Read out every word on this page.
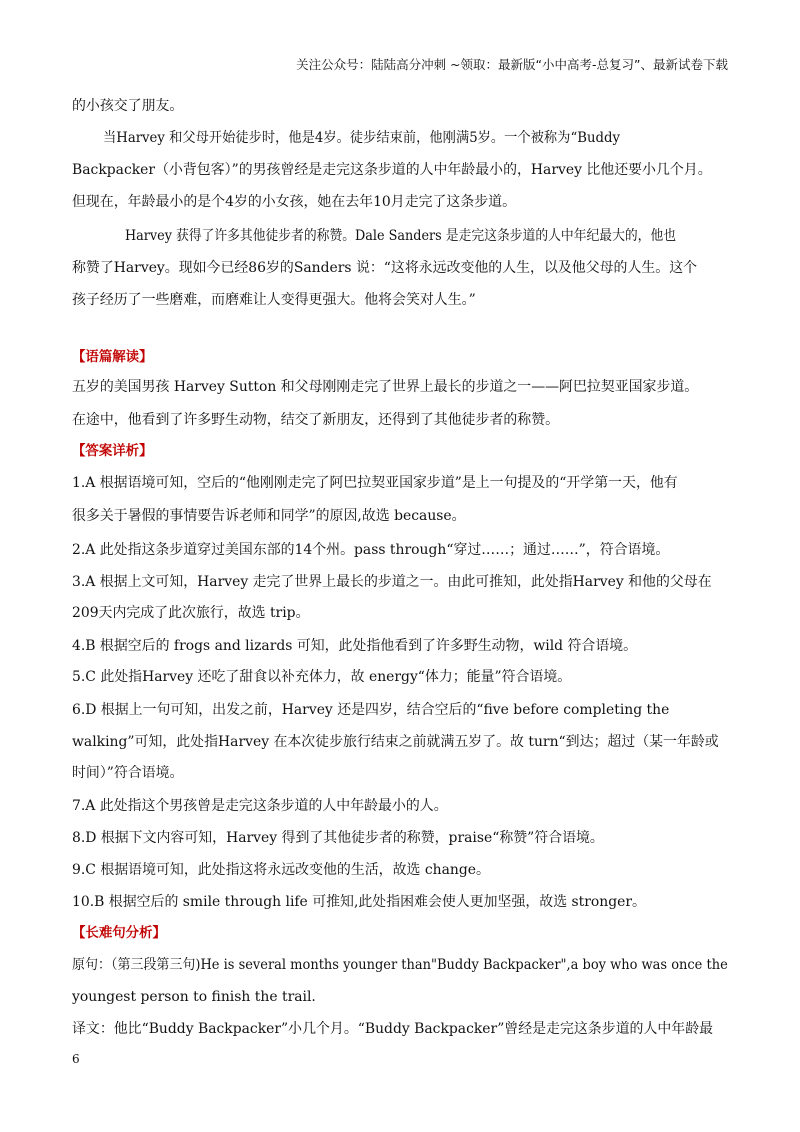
关注公众号：陆陆高分冲刺 ~领取：最新版“小中高考-总复习”、最新试卷下载
的小孩交了朋友。
当Harvey 和父母开始徒步时，他是4岁。徒步结束前，他刚满5岁。一个被称为“Buddy
Backpacker（小背包客）”的男孩曾经是走完这条步道的人中年龄最小的，Harvey 比他还要小几个月。
但现在，年龄最小的是个4岁的小女孩，她在去年10月走完了这条步道。
Harvey 获得了许多其他徒步者的称赞。Dale Sanders 是走完这条步道的人中年纪最大的，他也
称赞了Harvey。现如今已经86岁的Sanders 说：“这将永远改变他的人生，以及他父母的人生。这个
孩子经历了一些磨难，而磨难让人变得更强大。他将会笑对人生。”
【语篇解读】
五岁的美国男孩 Harvey Sutton 和父母刚刚走完了世界上最长的步道之一——阿巴拉契亚国家步道。
在途中，他看到了许多野生动物，结交了新朋友，还得到了其他徒步者的称赞。
【答案详析】
1.A 根据语境可知，空后的“他刚刚走完了阿巴拉契亚国家步道”是上一句提及的“开学第一天，他有
很多关于暑假的事情要告诉老师和同学”的原因,故选 because。
2.A 此处指这条步道穿过美国东部的14个州。pass through“穿过……；通过……”，符合语境。
3.A 根据上文可知，Harvey 走完了世界上最长的步道之一。由此可推知，此处指Harvey 和他的父母在
209天内完成了此次旅行，故选 trip。
4.B 根据空后的 frogs and lizards 可知，此处指他看到了许多野生动物，wild 符合语境。
5.C 此处指Harvey 还吃了甜食以补充体力，故 energy“体力；能量”符合语境。
6.D 根据上一句可知，出发之前，Harvey 还是四岁，结合空后的“five before completing the
walking”可知，此处指Harvey 在本次徒步旅行结束之前就满五岁了。故 turn“到达；超过（某一年龄或
时间）”符合语境。
7.A 此处指这个男孩曾是走完这条步道的人中年龄最小的人。
8.D 根据下文内容可知，Harvey 得到了其他徒步者的称赞，praise“称赞”符合语境。
9.C 根据语境可知，此处指这将永远改变他的生活，故选 change。
10.B 根据空后的 smile through life 可推知,此处指困难会使人更加坚强，故选 stronger。
【长难句分析】
原句：（第三段第三句)He is several months younger than"Buddy Backpacker",a boy who was once the
youngest person to finish the trail.
译文：他比“Buddy Backpacker”小几个月。“Buddy Backpacker”曾经是走完这条步道的人中年龄最
6
